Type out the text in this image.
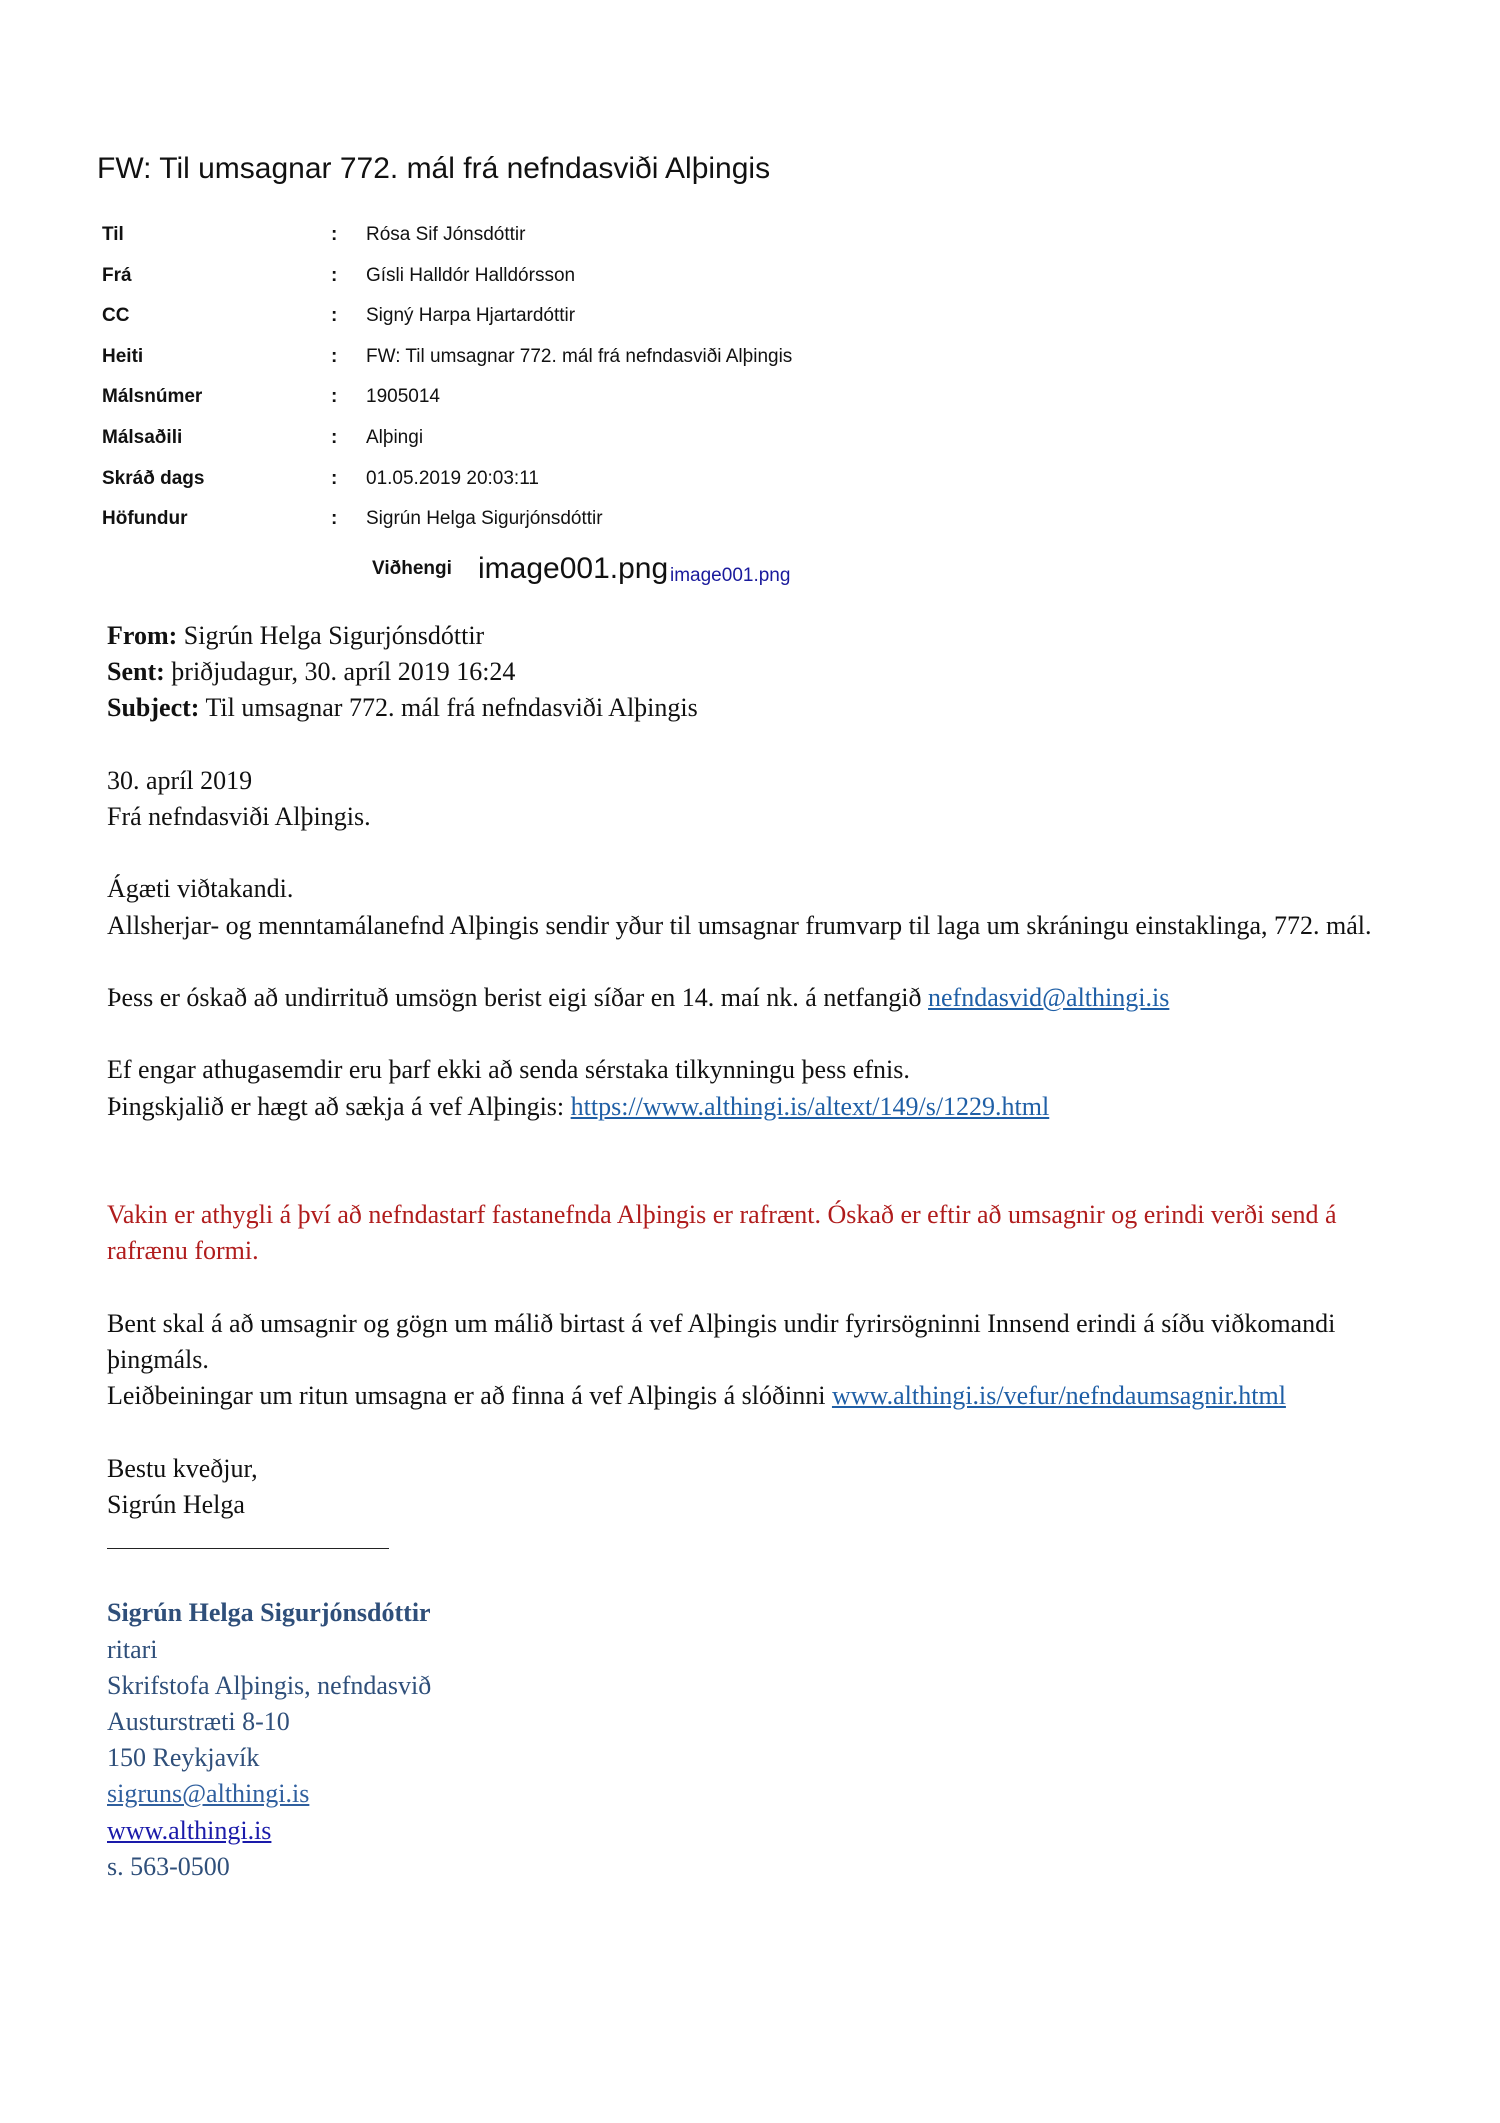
FW: Til umsagnar 772. mál frá nefndasviði Alþingis
Til	: Rósa Sif Jónsdóttir
Frá	: Gísli Halldór Halldórsson
CC	: Signý Harpa Hjartardóttir
Heiti	: FW: Til umsagnar 772. mál frá nefndasviði Alþingis
Málsnúmer	: 1905014
Málsaðili	: Alþingi
Skráð dags	: 01.05.2019 20:03:11
Höfundur	: Sigrún Helga Sigurjónsdóttir
Viðhengi image001.png image001.png

From: Sigrún Helga Sigurjónsdóttir

Sent: þriðjudagur, 30. apríl 2019 16:24

Subject: Til umsagnar 772. mál frá nefndasviði Alþingis

30. apríl 2019

Frá nefndasviði Alþingis.

Ágæti viðtakandi.

Allsherjar- og menntamálanefnd Alþingis sendir yður til umsagnar frumvarp til laga um skráningu einstaklinga, 772. mál.

Þess er óskað að undirrituð umsögn berist eigi síðar en 14. maí nk. á netfangið nefndasvid@althingi.is

Ef engar athugasemdir eru þarf ekki að senda sérstaka tilkynningu þess efnis.

Þingskjalið er hægt að sækja á vef Alþingis: https://www.althingi.is/altext/149/s/1229.html

Vakin er athygli á því að nefndastarf fastanefnda Alþingis er rafrænt. Óskað er eftir að umsagnir og erindi verði send á rafrænu formi.

Bent skal á að umsagnir og gögn um málið birtast á vef Alþingis undir fyrirsögninni Innsend erindi á síðu viðkomandi þingmáls.

Leiðbeiningar um ritun umsagna er að finna á vef Alþingis á slóðinni www.althingi.is/vefur/nefndaumsagnir.html

Bestu kveðjur,

Sigrún Helga

Sigrún Helga Sigurjónsdóttir

ritari

Skrifstofa Alþingis, nefndasvið

Austurstræti 8-10

150 Reykjavík

sigruns@althingi.is

www.althingi.is

s. 563-0500
